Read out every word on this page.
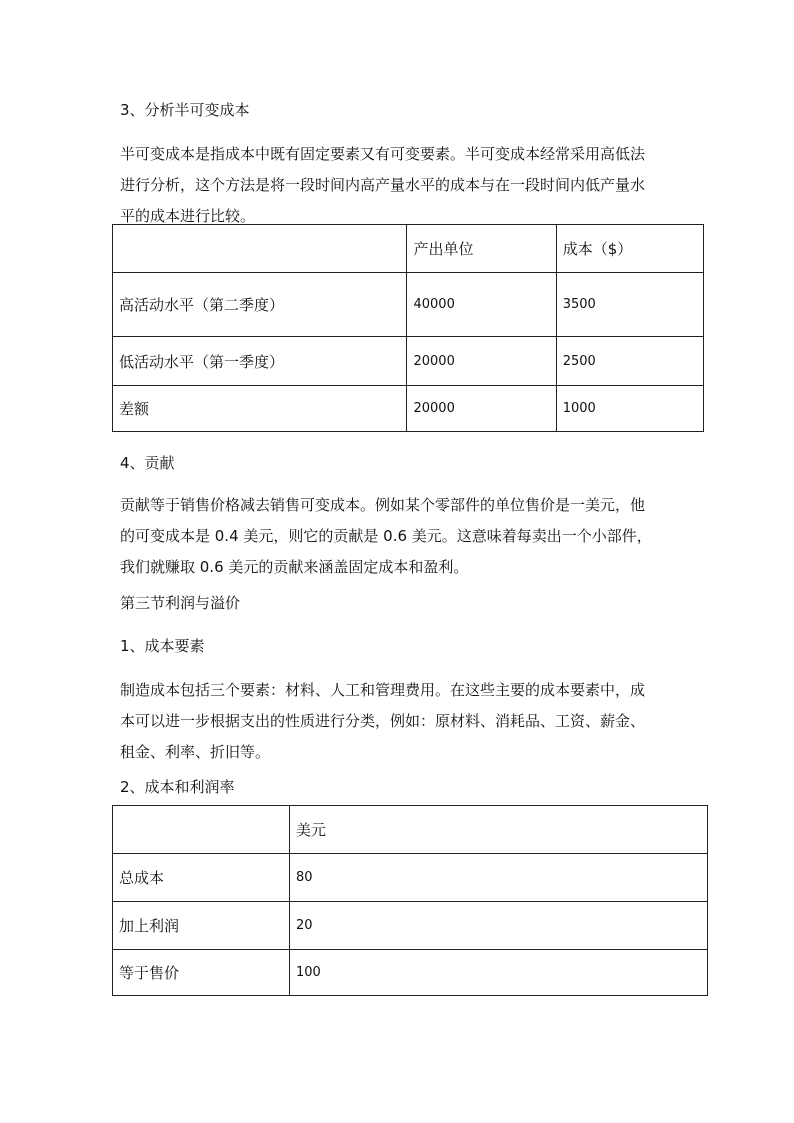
3、分析半可变成本

半可变成本是指成本中既有固定要素又有可变要素。半可变成本经常采用高低法
进行分析，这个方法是将一段时间内高产量水平的成本与在一段时间内低产量水
平的成本进行比较。
	产出单位	成本（$）
高活动水平（第二季度）	40000	3500
低活动水平（第一季度）	20000	2500
差额	20000	1000

4、贡献

贡献等于销售价格减去销售可变成本。例如某个零部件的单位售价是一美元，他
的可变成本是 0.4 美元，则它的贡献是 0.6 美元。这意味着每卖出一个小部件，
我们就赚取 0.6 美元的贡献来涵盖固定成本和盈利。

第三节利润与溢价

1、成本要素

制造成本包括三个要素：材料、人工和管理费用。在这些主要的成本要素中，成
本可以进一步根据支出的性质进行分类，例如：原材料、消耗品、工资、薪金、
租金、利率、折旧等。

2、成本和利润率

	美元
总成本	80
加上利润	20
等于售价	100
